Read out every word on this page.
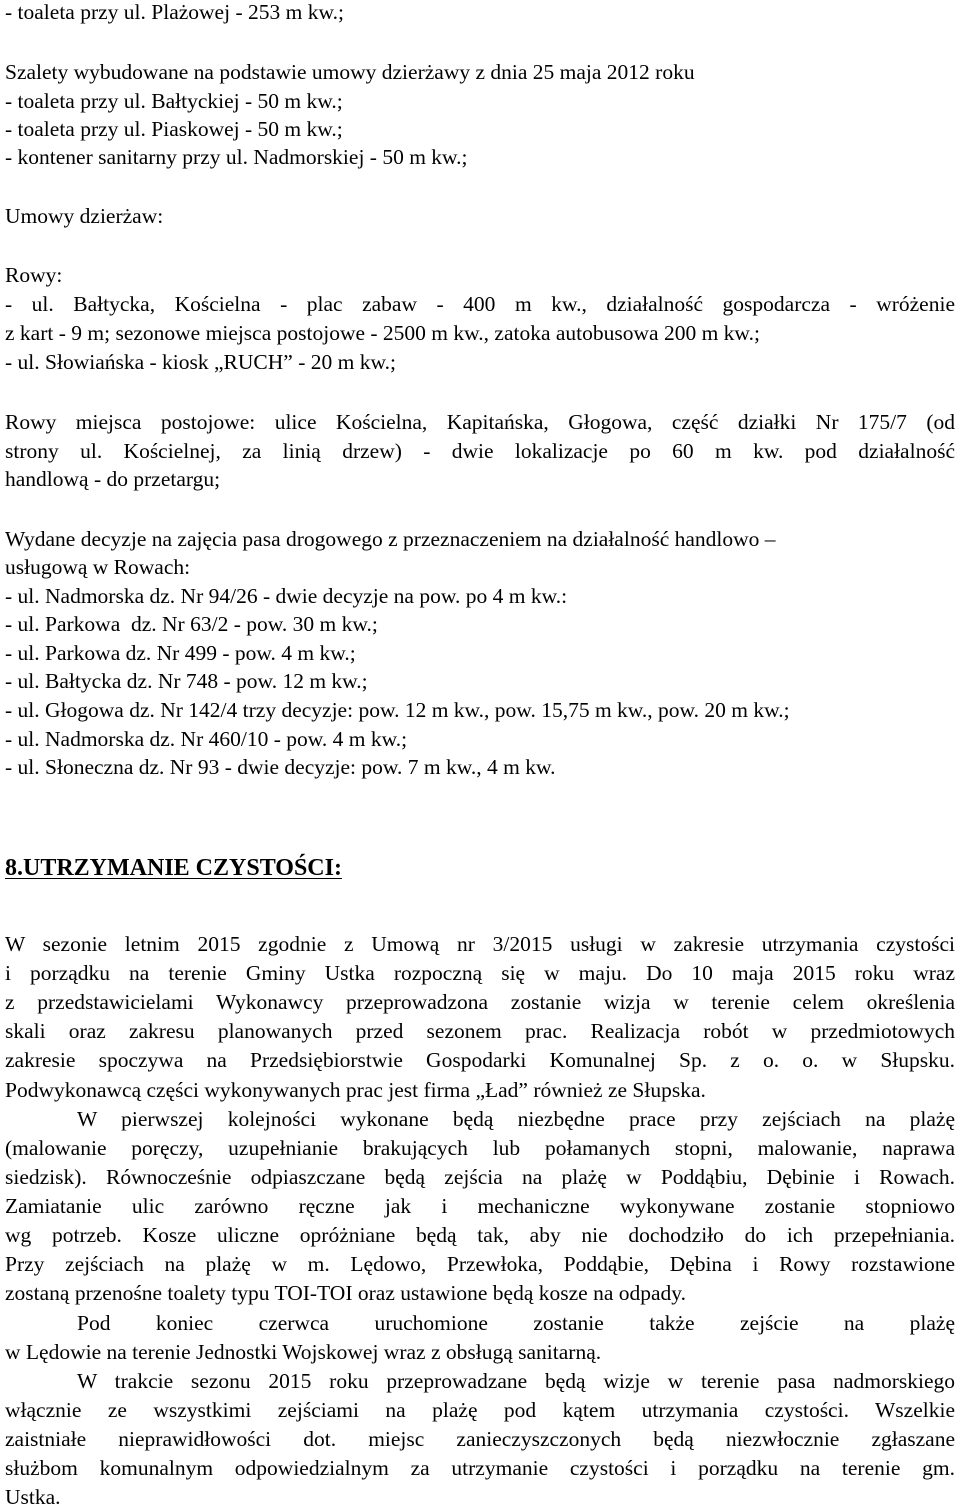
- toaleta przy ul. Plażowej - 253 m kw.;
Szalety wybudowane na podstawie umowy dzierżawy z dnia 25 maja 2012 roku
- toaleta przy ul. Bałtyckiej - 50 m kw.;
- toaleta przy ul. Piaskowej - 50 m kw.;
- kontener sanitarny przy ul. Nadmorskiej - 50 m kw.;
Umowy dzierżaw:
Rowy:
- ul. Bałtycka, Kościelna - plac zabaw - 400 m kw., działalność gospodarcza - wróżenie
z kart - 9 m; sezonowe miejsca postojowe - 2500 m kw., zatoka autobusowa 200 m kw.;
- ul. Słowiańska - kiosk „RUCH” - 20 m kw.;
Rowy miejsca postojowe: ulice Kościelna, Kapitańska, Głogowa, część działki Nr 175/7 (od
strony ul. Kościelnej, za linią drzew) - dwie lokalizacje po 60 m kw. pod działalność
handlową - do przetargu;
Wydane decyzje na zajęcia pasa drogowego z przeznaczeniem na działalność handlowo –
usługową w Rowach:
- ul. Nadmorska dz. Nr 94/26 - dwie decyzje na pow. po 4 m kw.:
- ul. Parkowa  dz. Nr 63/2 - pow. 30 m kw.;
- ul. Parkowa dz. Nr 499 - pow. 4 m kw.;
- ul. Bałtycka dz. Nr 748 - pow. 12 m kw.;
- ul. Głogowa dz. Nr 142/4 trzy decyzje: pow. 12 m kw., pow. 15,75 m kw., pow. 20 m kw.;
- ul. Nadmorska dz. Nr 460/10 - pow. 4 m kw.;
- ul. Słoneczna dz. Nr 93 - dwie decyzje: pow. 7 m kw., 4 m kw.
8.UTRZYMANIE CZYSTOŚCI:
W sezonie letnim 2015 zgodnie z Umową nr 3/2015 usługi w zakresie utrzymania czystości
i porządku na terenie Gminy Ustka rozpoczną się w maju. Do 10 maja 2015 roku wraz
z przedstawicielami Wykonawcy przeprowadzona zostanie wizja w terenie celem określenia
skali oraz zakresu planowanych przed sezonem prac. Realizacja robót w przedmiotowych
zakresie spoczywa na Przedsiębiorstwie Gospodarki Komunalnej Sp. z o. o. w Słupsku.
Podwykonawcą części wykonywanych prac jest firma „Ład” również ze Słupska.
W pierwszej kolejności wykonane będą niezbędne prace przy zejściach na plażę
(malowanie poręczy, uzupełnianie brakujących lub połamanych stopni, malowanie, naprawa
siedzisk). Równocześnie odpiaszczane będą zejścia na plażę w Poddąbiu, Dębinie i Rowach.
Zamiatanie ulic zarówno ręczne jak i mechaniczne wykonywane zostanie stopniowo
wg potrzeb. Kosze uliczne opróżniane będą tak, aby nie dochodziło do ich przepełniania.
Przy zejściach na plażę w m. Lędowo, Przewłoka, Poddąbie, Dębina i Rowy rozstawione
zostaną przenośne toalety typu TOI-TOI oraz ustawione będą kosze na odpady.
Pod koniec czerwca uruchomione zostanie także zejście na plażę
w Lędowie na terenie Jednostki Wojskowej wraz z obsługą sanitarną.
W trakcie sezonu 2015 roku przeprowadzane będą wizje w terenie pasa nadmorskiego
włącznie ze wszystkimi zejściami na plażę pod kątem utrzymania czystości. Wszelkie
zaistniałe nieprawidłowości dot. miejsc zanieczyszczonych będą niezwłocznie zgłaszane
służbom komunalnym odpowiedzialnym za utrzymanie czystości i porządku na terenie gm.
Ustka.
